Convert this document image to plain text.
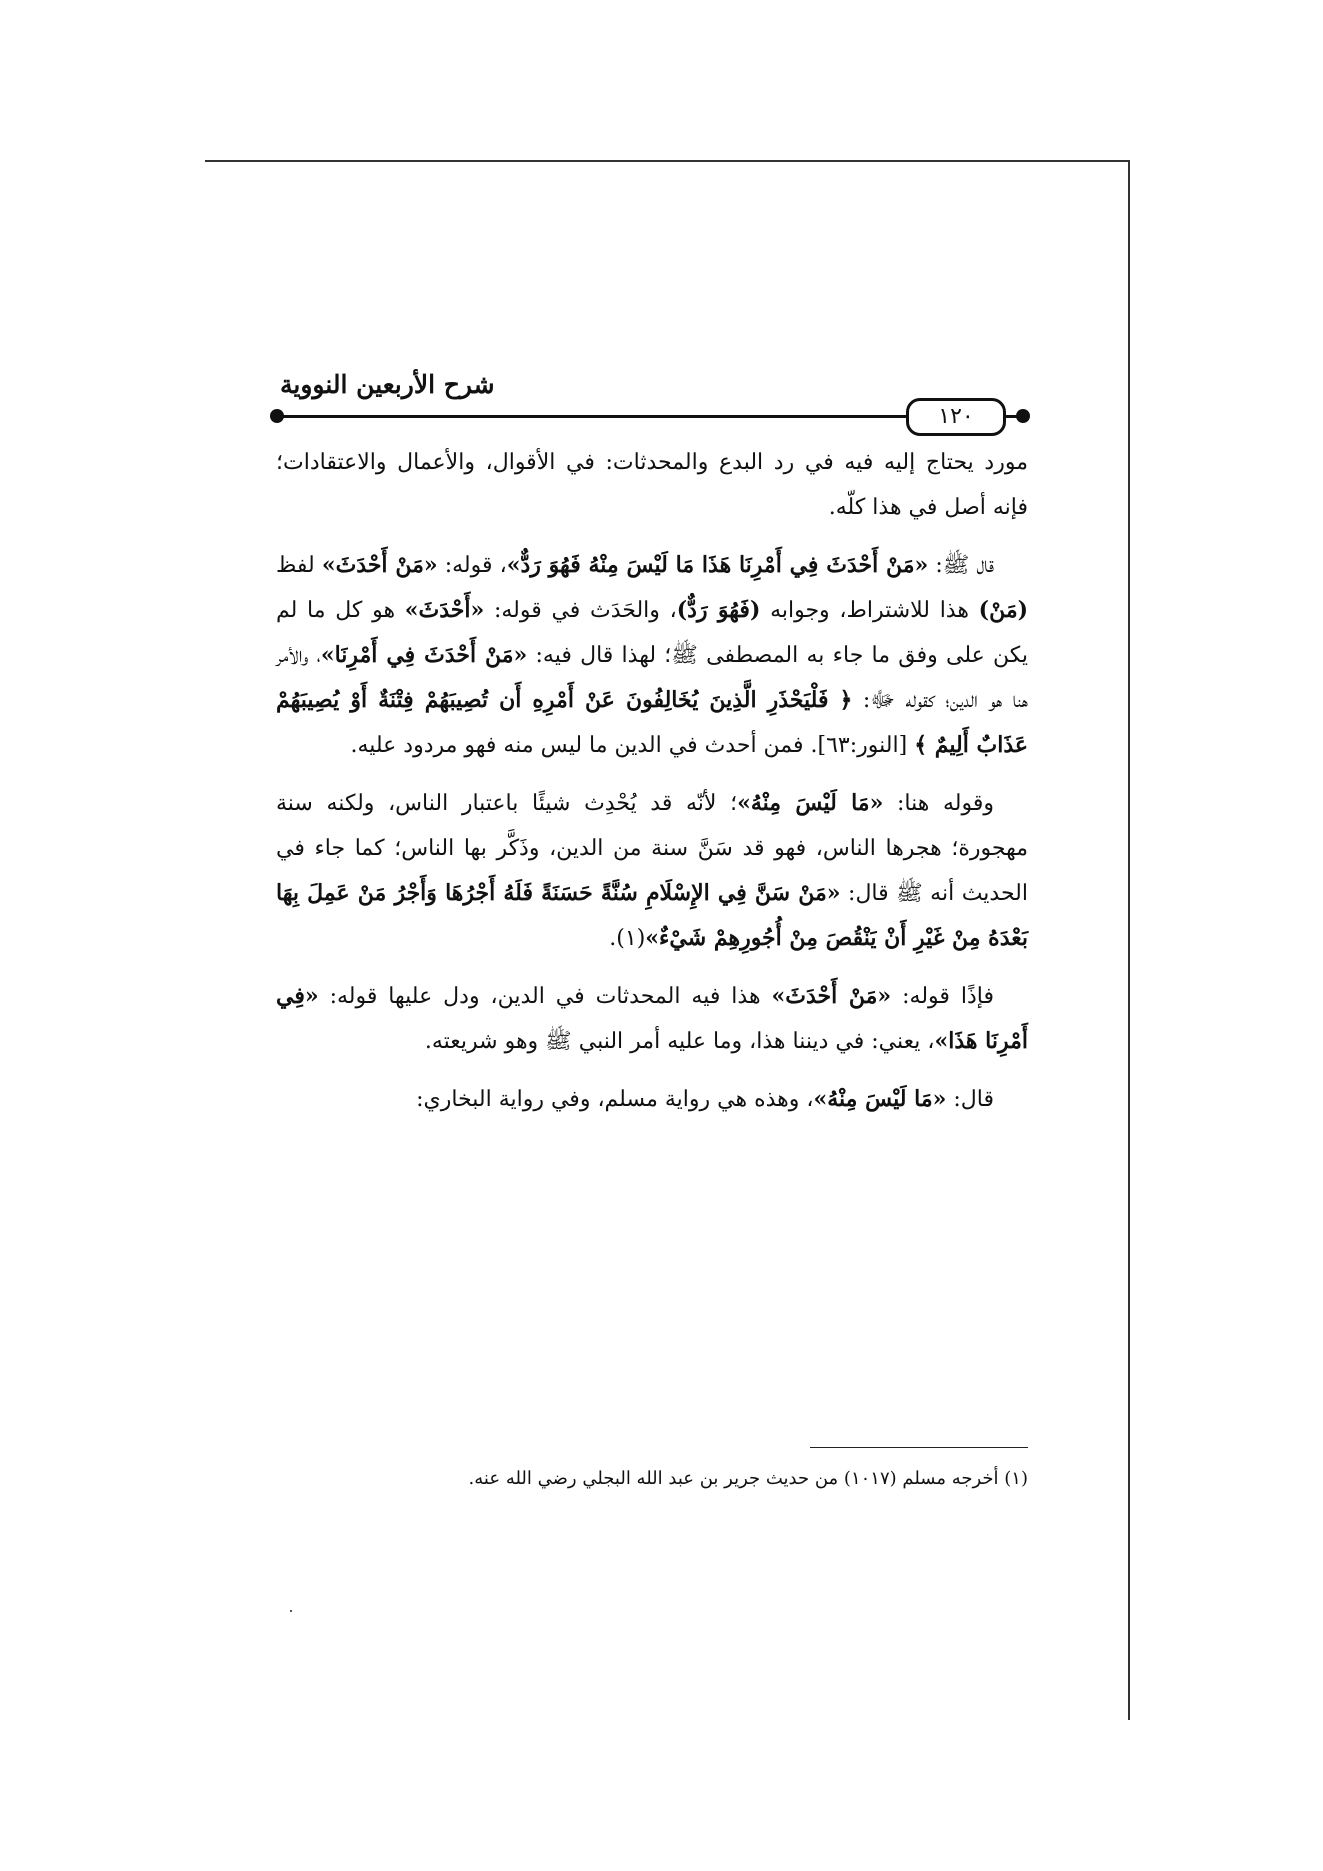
شرح الأربعين النووية
١٢٠

مورد يحتاج إليه فيه في رد البدع والمحدثات: في الأقوال، والأعمال والاعتقادات؛ فإنه أصل في هذا كلّه.

قال ﷺ: «مَنْ أَحْدَثَ فِي أَمْرِنَا هَذَا مَا لَيْسَ مِنْهُ فَهُوَ رَدٌّ»، قوله: «مَنْ أَحْدَثَ» لفظ (مَنْ) هذا للاشتراط، وجوابه (فَهُوَ رَدٌّ)، والحَدَث في قوله: «أَحْدَثَ» هو كل ما لم يكن على وفق ما جاء به المصطفى ﷺ؛ لهذا قال فيه: «مَنْ أَحْدَثَ فِي أَمْرِنَا»، والأمر هنا هو الدين؛ كقوله ﷻ: ﴿ فَلْيَحْذَرِ الَّذِينَ يُخَالِفُونَ عَنْ أَمْرِهِ أَن تُصِيبَهُمْ فِتْنَةٌ أَوْ يُصِيبَهُمْ عَذَابٌ أَلِيمٌ ﴾ [النور:٦٣]. فمن أحدث في الدين ما ليس منه فهو مردود عليه.

وقوله هنا: «مَا لَيْسَ مِنْهُ»؛ لأنّه قد يُحْدِث شيئًا باعتبار الناس، ولكنه سنة مهجورة؛ هجرها الناس، فهو قد سَنَّ سنة من الدين، وذَكَّر بها الناس؛ كما جاء في الحديث أنه ﷺ قال: «مَنْ سَنَّ فِي الإِسْلَامِ سُنَّةً حَسَنَةً فَلَهُ أَجْرُهَا وَأَجْرُ مَنْ عَمِلَ بِهَا بَعْدَهُ مِنْ غَيْرِ أَنْ يَنْقُصَ مِنْ أُجُورِهِمْ شَيْءٌ»(١).

فإذًا قوله: «مَنْ أَحْدَثَ» هذا فيه المحدثات في الدين، ودل عليها قوله: «فِي أَمْرِنَا هَذَا»، يعني: في ديننا هذا، وما عليه أمر النبي ﷺ وهو شريعته.

قال: «مَا لَيْسَ مِنْهُ»، وهذه هي رواية مسلم، وفي رواية البخاري:

(١) أخرجه مسلم (١٠١٧) من حديث جرير بن عبد الله البجلي رضي الله عنه.
